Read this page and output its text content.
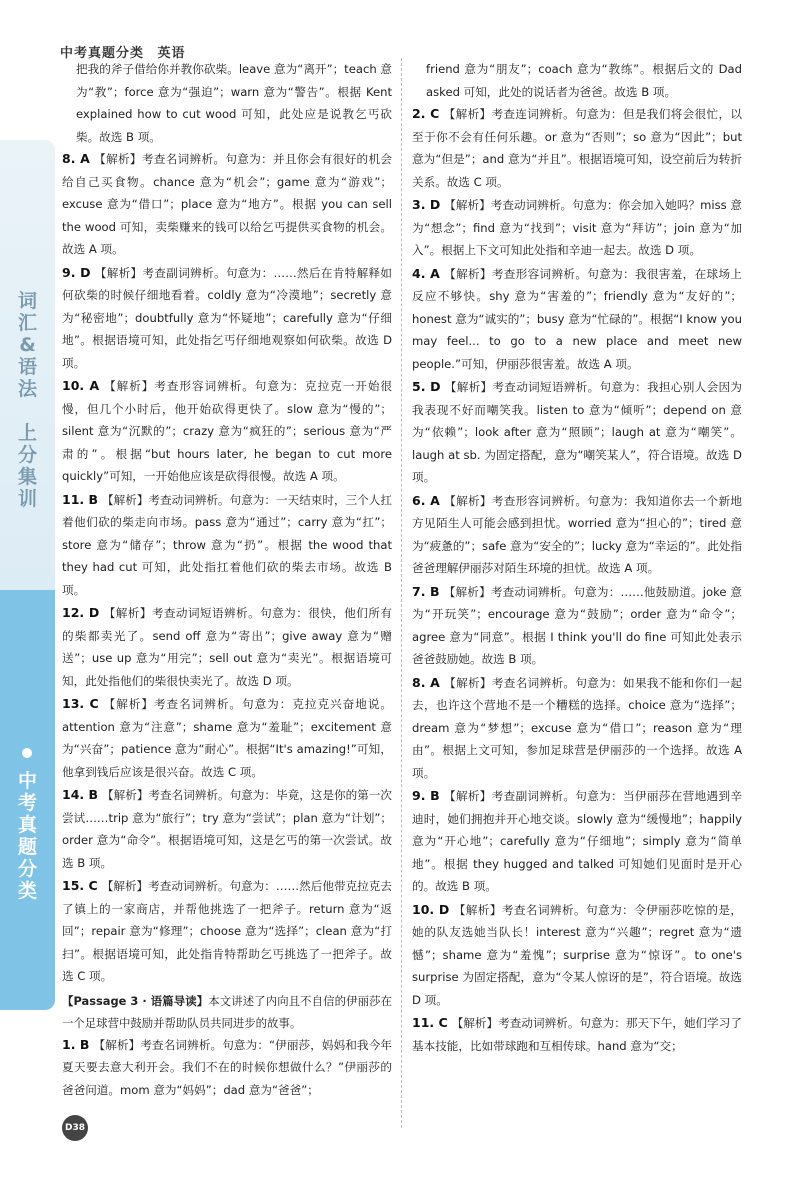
中考真题分类 英语
词
汇
&
语
法

上
分
集
训
中
考
真
题
分
类
把我的斧子借给你并教你砍柴。leave 意为“离开”；teach 意为“教”；force 意为“强迫”；warn 意为“警告”。根据 Kent explained how to cut wood 可知，此处应是说教乞丐砍柴。故选 B 项。
8. A 【解析】考查名词辨析。句意为：并且你会有很好的机会给自己买食物。chance 意为“机会”；game 意为“游戏”；excuse 意为“借口”；place 意为“地方”。根据 you can sell the wood 可知，卖柴赚来的钱可以给乞丐提供买食物的机会。故选 A 项。
9. D 【解析】考查副词辨析。句意为：……然后在肯特解释如何砍柴的时候仔细地看着。coldly 意为“冷漠地”；secretly 意为“秘密地”；doubtfully 意为“怀疑地”；carefully 意为“仔细地”。根据语境可知，此处指乞丐仔细地观察如何砍柴。故选 D 项。
10. A 【解析】考查形容词辨析。句意为：克拉克一开始很慢，但几个小时后，他开始砍得更快了。slow 意为“慢的”；silent 意为“沉默的”；crazy 意为“疯狂的”；serious 意为“严肃的”。根据“but hours later, he began to cut more quickly”可知，一开始他应该是砍得很慢。故选 A 项。
11. B 【解析】考查动词辨析。句意为：一天结束时，三个人扛着他们砍的柴走向市场。pass 意为“通过”；carry 意为“扛”；store 意为“储存”；throw 意为“扔”。根据 the wood that they had cut 可知，此处指扛着他们砍的柴去市场。故选 B 项。
12. D 【解析】考查动词短语辨析。句意为：很快，他们所有的柴都卖光了。send off 意为“寄出”；give away 意为“赠送”；use up 意为“用完”；sell out 意为“卖光”。根据语境可知，此处指他们的柴很快卖光了。故选 D 项。
13. C 【解析】考查名词辨析。句意为：克拉克兴奋地说。attention 意为“注意”；shame 意为“羞耻”；excitement 意为“兴奋”；patience 意为“耐心”。根据“It's amazing!”可知，他拿到钱后应该是很兴奋。故选 C 项。
14. B 【解析】考查名词辨析。句意为：毕竟，这是你的第一次尝试……trip 意为“旅行”；try 意为“尝试”；plan 意为“计划”；order 意为“命令”。根据语境可知，这是乞丐的第一次尝试。故选 B 项。
15. C 【解析】考查动词辨析。句意为：……然后他带克拉克去了镇上的一家商店，并帮他挑选了一把斧子。return 意为“返回”；repair 意为“修理”；choose 意为“选择”；clean 意为“打扫”。根据语境可知，此处指肯特帮助乞丐挑选了一把斧子。故选 C 项。
【Passage 3 · 语篇导读】本文讲述了内向且不自信的伊丽莎在一个足球营中鼓励并帮助队员共同进步的故事。
1. B 【解析】考查名词辨析。句意为：“伊丽莎，妈妈和我今年夏天要去意大利开会。我们不在的时候你想做什么？”伊丽莎的爸爸问道。mom 意为“妈妈”；dad 意为“爸爸”；
friend 意为“朋友”；coach 意为“教练”。根据后文的 Dad asked 可知，此处的说话者为爸爸。故选 B 项。
2. C 【解析】考查连词辨析。句意为：但是我们将会很忙，以至于你不会有任何乐趣。or 意为“否则”；so 意为“因此”；but 意为“但是”；and 意为“并且”。根据语境可知，设空前后为转折关系。故选 C 项。
3. D 【解析】考查动词辨析。句意为：你会加入她吗？miss 意为“想念”；find 意为“找到”；visit 意为“拜访”；join 意为“加入”。根据上下文可知此处指和辛迪一起去。故选 D 项。
4. A 【解析】考查形容词辨析。句意为：我很害羞，在球场上反应不够快。shy 意为“害羞的”；friendly 意为“友好的”；honest 意为“诚实的”；busy 意为“忙碌的”。根据“I know you may feel... to go to a new place and meet new people.”可知，伊丽莎很害羞。故选 A 项。
5. D 【解析】考查动词短语辨析。句意为：我担心别人会因为我表现不好而嘲笑我。listen to 意为“倾听”；depend on 意为“依赖”；look after 意为“照顾”；laugh at 意为“嘲笑”。laugh at sb. 为固定搭配，意为“嘲笑某人”，符合语境。故选 D 项。
6. A 【解析】考查形容词辨析。句意为：我知道你去一个新地方见陌生人可能会感到担忧。worried 意为“担心的”；tired 意为“疲惫的”；safe 意为“安全的”；lucky 意为“幸运的”。此处指爸爸理解伊丽莎对陌生环境的担忧。故选 A 项。
7. B 【解析】考查动词辨析。句意为：……他鼓励道。joke 意为“开玩笑”；encourage 意为“鼓励”；order 意为“命令”；agree 意为“同意”。根据 I think you'll do fine 可知此处表示爸爸鼓励她。故选 B 项。
8. A 【解析】考查名词辨析。句意为：如果我不能和你们一起去，也许这个营地不是一个糟糕的选择。choice 意为“选择”；dream 意为“梦想”；excuse 意为“借口”；reason 意为“理由”。根据上文可知，参加足球营是伊丽莎的一个选择。故选 A 项。
9. B 【解析】考查副词辨析。句意为：当伊丽莎在营地遇到辛迪时，她们拥抱并开心地交谈。slowly 意为“缓慢地”；happily 意为“开心地”；carefully 意为“仔细地”；simply 意为“简单地”。根据 they hugged and talked 可知她们见面时是开心的。故选 B 项。
10. D 【解析】考查名词辨析。句意为：令伊丽莎吃惊的是，她的队友选她当队长！interest 意为“兴趣”；regret 意为“遗憾”；shame 意为“羞愧”；surprise 意为“惊讶”。to one's surprise 为固定搭配，意为“令某人惊讶的是”，符合语境。故选 D 项。
11. C 【解析】考查动词辨析。句意为：那天下午，她们学习了基本技能，比如带球跑和互相传球。hand 意为“交；
D38
